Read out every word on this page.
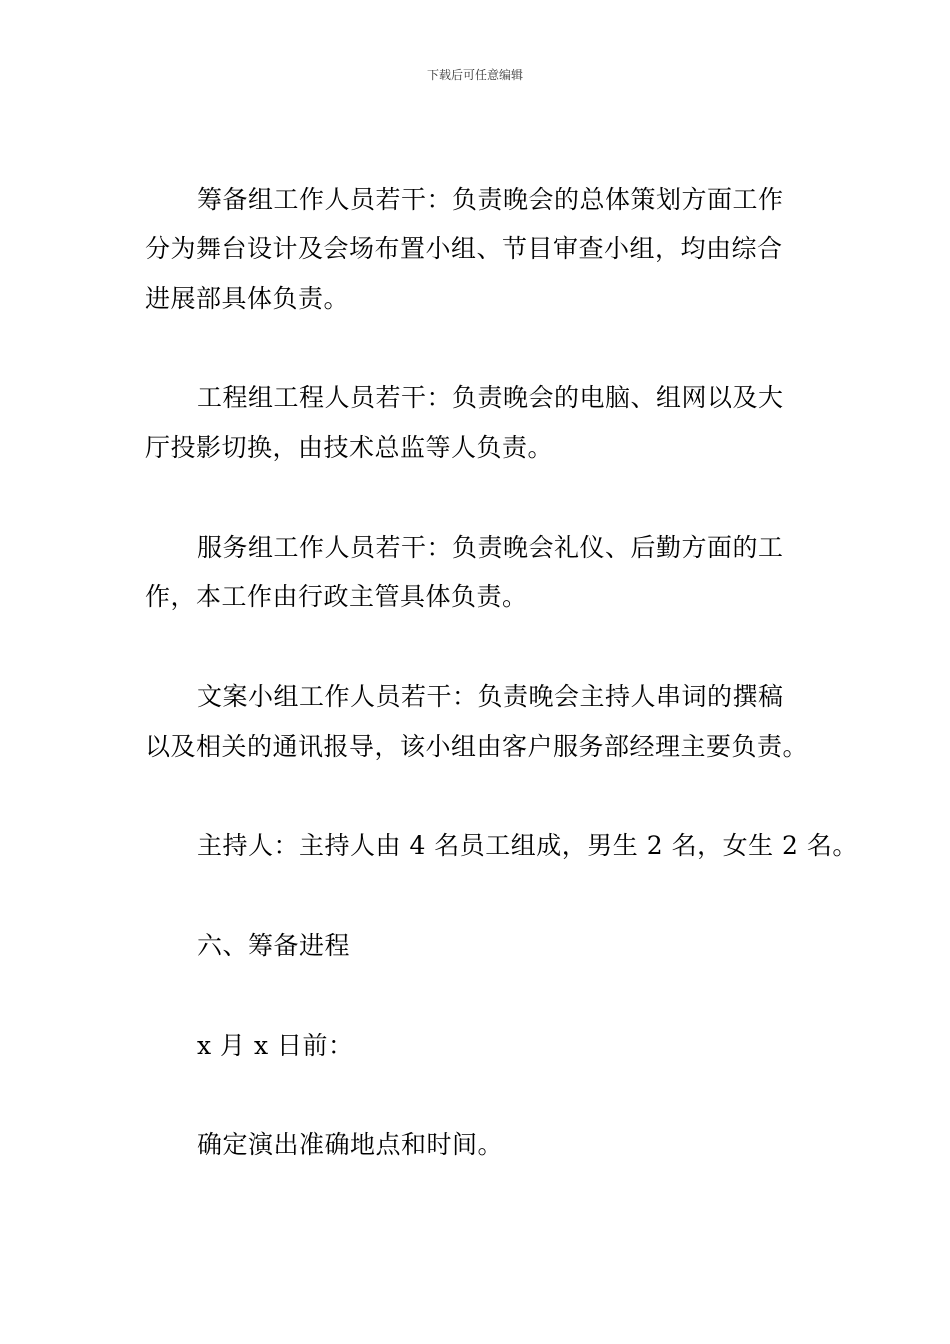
下载后可任意编辑
筹备组工作人员若干：负责晚会的总体策划方面工作
分为舞台设计及会场布置小组、节目审查小组，均由综合
进展部具体负责。
工程组工程人员若干：负责晚会的电脑、组网以及大
厅投影切换，由技术总监等人负责。
服务组工作人员若干：负责晚会礼仪、后勤方面的工
作，本工作由行政主管具体负责。
文案小组工作人员若干：负责晚会主持人串词的撰稿
以及相关的通讯报导，该小组由客户服务部经理主要负责。
主持人：主持人由 4 名员工组成，男生 2 名，女生 2 名。
六、筹备进程
x 月 x 日前：
确定演出准确地点和时间。
